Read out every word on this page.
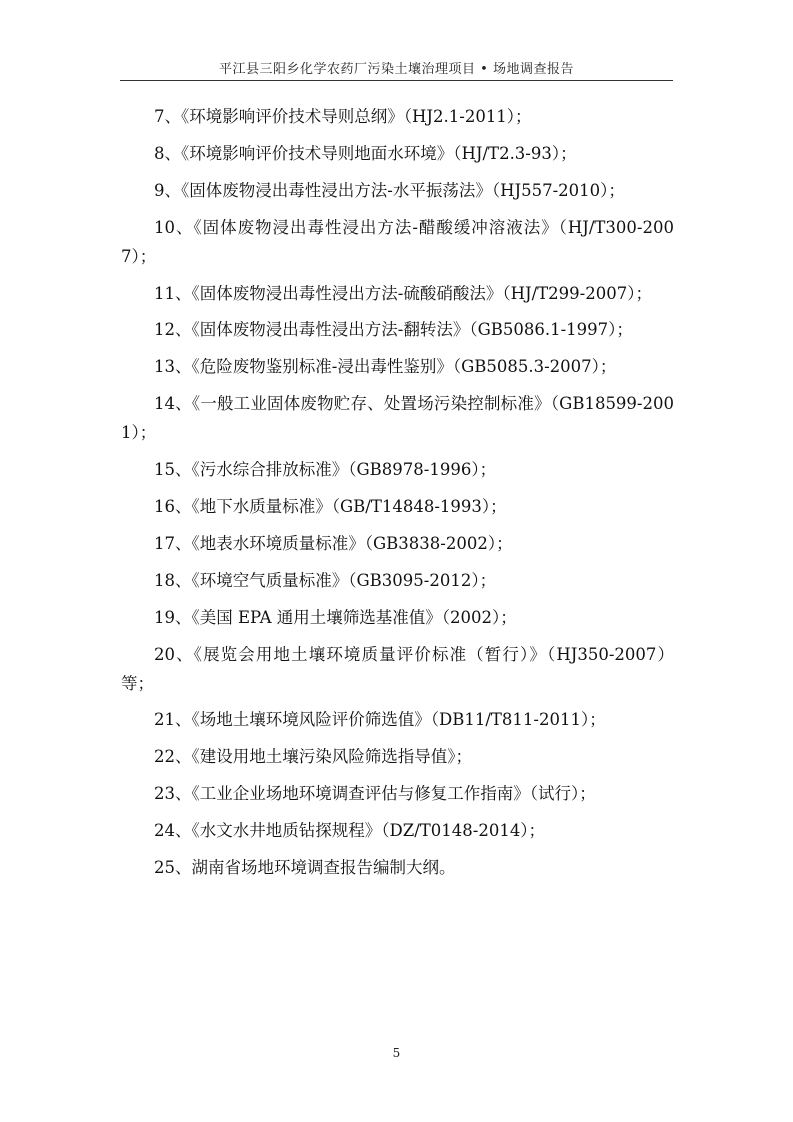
平江县三阳乡化学农药厂污染土壤治理项目 • 场地调查报告

7、《环境影响评价技术导则总纲》（HJ2.1-2011）；

8、《环境影响评价技术导则地面水环境》（HJ/T2.3-93）；

9、《固体废物浸出毒性浸出方法-水平振荡法》（HJ557-2010）；

10、《固体废物浸出毒性浸出方法-醋酸缓冲溶液法》（HJ/T300-2007）；

11、《固体废物浸出毒性浸出方法-硫酸硝酸法》（HJ/T299-2007）；

12、《固体废物浸出毒性浸出方法-翻转法》（GB5086.1-1997）；

13、《危险废物鉴别标准-浸出毒性鉴别》（GB5085.3-2007）；

14、《一般工业固体废物贮存、处置场污染控制标准》（GB18599-2001）；

15、《污水综合排放标准》（GB8978-1996）；

16、《地下水质量标准》（GB/T14848-1993）；

17、《地表水环境质量标准》（GB3838-2002）；

18、《环境空气质量标准》（GB3095-2012）；

19、《美国 EPA 通用土壤筛选基准值》（2002）；

20、《展览会用地土壤环境质量评价标准（暂行）》（HJ350-2007）等；

21、《场地土壤环境风险评价筛选值》（DB11/T811-2011）；

22、《建设用地土壤污染风险筛选指导值》；

23、《工业企业场地环境调查评估与修复工作指南》（试行）；

24、《水文水井地质钻探规程》（DZ/T0148-2014）；

25、湖南省场地环境调查报告编制大纲。

5
